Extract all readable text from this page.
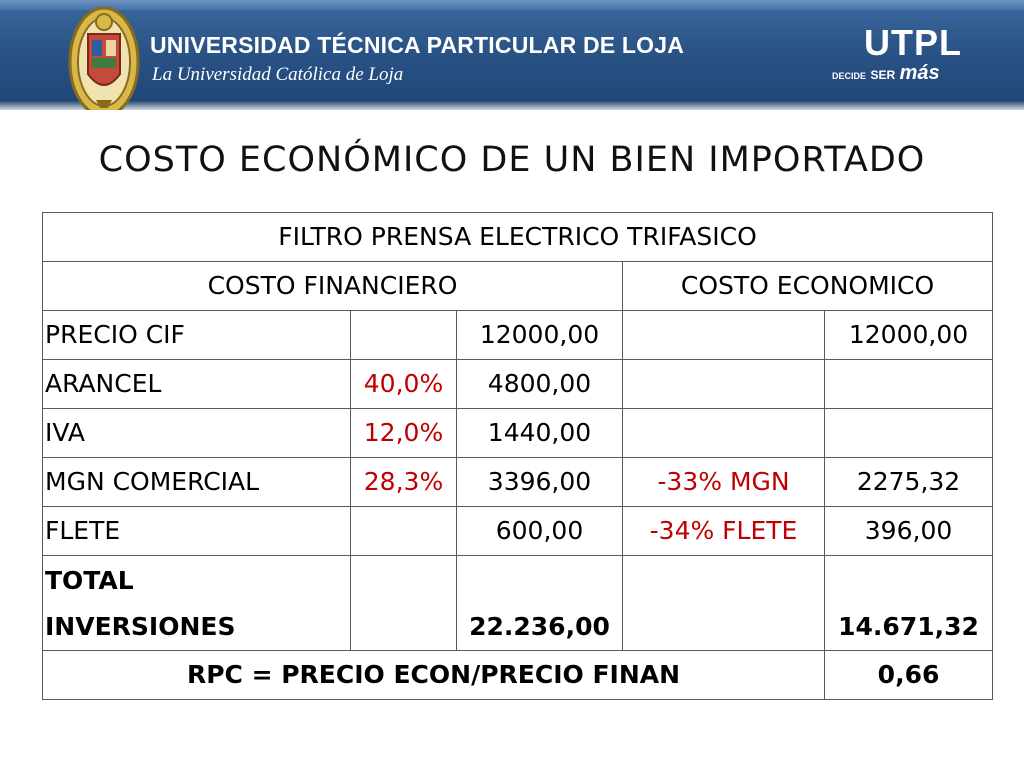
UNIVERSIDAD TÉCNICA PARTICULAR DE LOJA
La Universidad Católica de Loja
UTPL
DECIDE SER más
COSTO ECONÓMICO DE UN BIEN IMPORTADO
FILTRO PRENSA ELECTRICO TRIFASICO				
COSTO FINANCIERO			COSTO ECONOMICO	
PRECIO CIF		12000,00		12000,00
ARANCEL	40,0%	4800,00		
IVA	12,0%	1440,00		
MGN COMERCIAL	28,3%	3396,00	-33% MGN	2275,32
FLETE		600,00	-34% FLETE	396,00
TOTAL
INVERSIONES		22.236,00		14.671,32
RPC = PRECIO ECON/PRECIO FINAN				0,66
